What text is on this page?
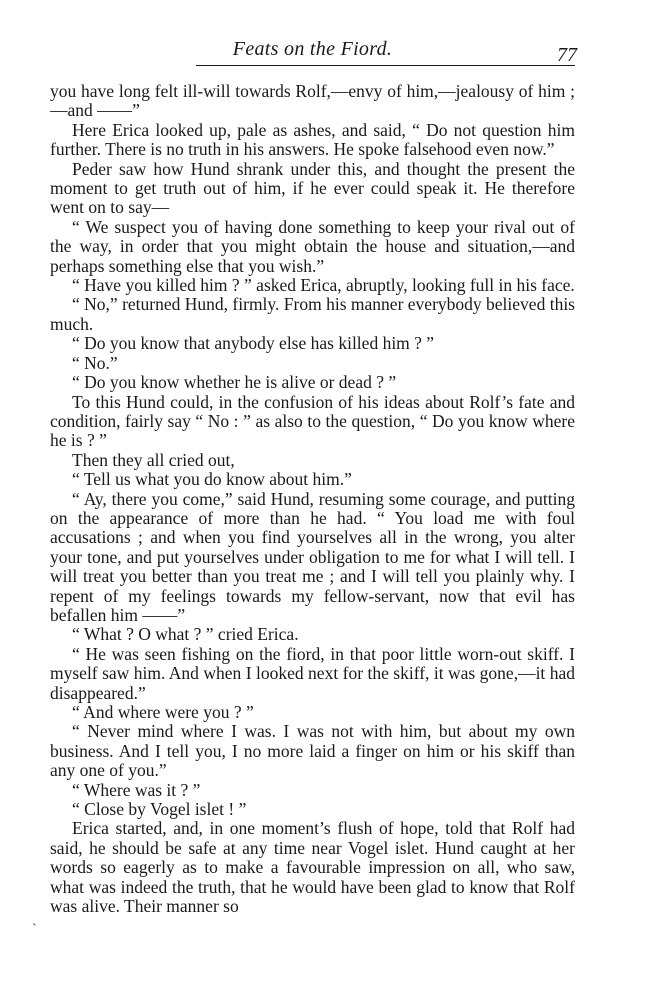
Feats on the Fiord.	77

you have long felt ill-will towards Rolf,—envy of him,—jealousy of him ;—and ——”

Here Erica looked up, pale as ashes, and said, “ Do not question him further. There is no truth in his answers. He spoke falsehood even now.”

Peder saw how Hund shrank under this, and thought the present the moment to get truth out of him, if he ever could speak it. He therefore went on to say—

“ We suspect you of having done something to keep your rival out of the way, in order that you might obtain the house and situation,—and perhaps something else that you wish.”

“ Have you killed him ? ” asked Erica, abruptly, looking full in his face.

“ No,” returned Hund, firmly. From his manner everybody believed this much.

“ Do you know that anybody else has killed him ? ”

“ No.”

“ Do you know whether he is alive or dead ? ”

To this Hund could, in the confusion of his ideas about Rolf’s fate and condition, fairly say “ No : ” as also to the question, “ Do you know where he is ? ”

Then they all cried out,

“ Tell us what you do know about him.”

“ Ay, there you come,” said Hund, resuming some courage, and putting on the appearance of more than he had. “ You load me with foul accusations ; and when you find yourselves all in the wrong, you alter your tone, and put yourselves under obligation to me for what I will tell. I will treat you better than you treat me ; and I will tell you plainly why. I repent of my feelings towards my fellow-servant, now that evil has befallen him ——”

“ What ? O what ? ” cried Erica.

“ He was seen fishing on the fiord, in that poor little worn-out skiff. I myself saw him. And when I looked next for the skiff, it was gone,—it had disappeared.”

“ And where were you ? ”

“ Never mind where I was. I was not with him, but about my own business. And I tell you, I no more laid a finger on him or his skiff than any one of you.”

“ Where was it ? ”

“ Close by Vogel islet ! ”

Erica started, and, in one moment’s flush of hope, told that Rolf had said, he should be safe at any time near Vogel islet. Hund caught at her words so eagerly as to make a favourable impression on all, who saw, what was indeed the truth, that he would have been glad to know that Rolf was alive. Their manner so

`
